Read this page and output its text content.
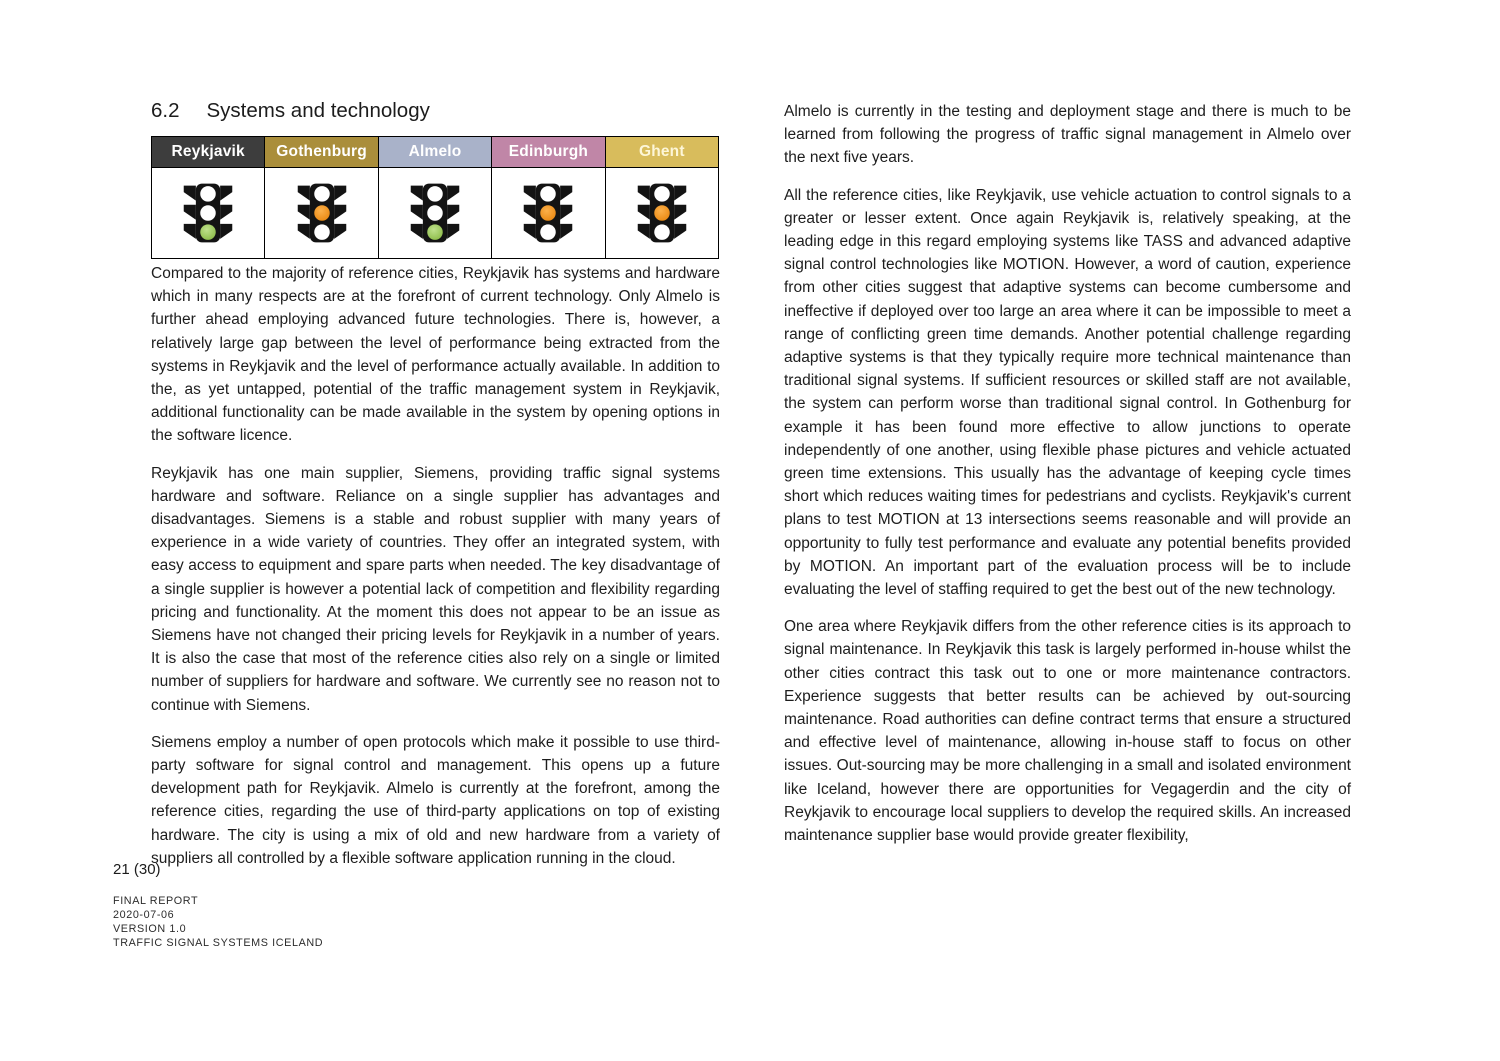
6.2 Systems and technology
Reykjavik	Gothenburg	Almelo	Edinburgh	Ghent

Compared to the majority of reference cities, Reykjavik has systems and hardware which in many respects are at the forefront of current technology. Only Almelo is further ahead employing advanced future technologies. There is, however, a relatively large gap between the level of performance being extracted from the systems in Reykjavik and the level of performance actually available. In addition to the, as yet untapped, potential of the traffic management system in Reykjavik, additional functionality can be made available in the system by opening options in the software licence.

Reykjavik has one main supplier, Siemens, providing traffic signal systems hardware and software. Reliance on a single supplier has advantages and disadvantages. Siemens is a stable and robust supplier with many years of experience in a wide variety of countries. They offer an integrated system, with easy access to equipment and spare parts when needed. The key disadvantage of a single supplier is however a potential lack of competition and flexibility regarding pricing and functionality. At the moment this does not appear to be an issue as Siemens have not changed their pricing levels for Reykjavik in a number of years. It is also the case that most of the reference cities also rely on a single or limited number of suppliers for hardware and software. We currently see no reason not to continue with Siemens.

Siemens employ a number of open protocols which make it possible to use third-party software for signal control and management. This opens up a future development path for Reykjavik. Almelo is currently at the forefront, among the reference cities, regarding the use of third-party applications on top of existing hardware. The city is using a mix of old and new hardware from a variety of suppliers all controlled by a flexible software application running in the cloud.

Almelo is currently in the testing and deployment stage and there is much to be learned from following the progress of traffic signal management in Almelo over the next five years.

All the reference cities, like Reykjavik, use vehicle actuation to control signals to a greater or lesser extent. Once again Reykjavik is, relatively speaking, at the leading edge in this regard employing systems like TASS and advanced adaptive signal control technologies like MOTION. However, a word of caution, experience from other cities suggest that adaptive systems can become cumbersome and ineffective if deployed over too large an area where it can be impossible to meet a range of conflicting green time demands. Another potential challenge regarding adaptive systems is that they typically require more technical maintenance than traditional signal systems. If sufficient resources or skilled staff are not available, the system can perform worse than traditional signal control. In Gothenburg for example it has been found more effective to allow junctions to operate independently of one another, using flexible phase pictures and vehicle actuated green time extensions. This usually has the advantage of keeping cycle times short which reduces waiting times for pedestrians and cyclists. Reykjavik's current plans to test MOTION at 13 intersections seems reasonable and will provide an opportunity to fully test performance and evaluate any potential benefits provided by MOTION. An important part of the evaluation process will be to include evaluating the level of staffing required to get the best out of the new technology.

One area where Reykjavik differs from the other reference cities is its approach to signal maintenance. In Reykjavik this task is largely performed in-house whilst the other cities contract this task out to one or more maintenance contractors. Experience suggests that better results can be achieved by out-sourcing maintenance. Road authorities can define contract terms that ensure a structured and effective level of maintenance, allowing in-house staff to focus on other issues. Out-sourcing may be more challenging in a small and isolated environment like Iceland, however there are opportunities for Vegagerdin and the city of Reykjavik to encourage local suppliers to develop the required skills. An increased maintenance supplier base would provide greater flexibility,

21 (30)
FINAL REPORT
2020-07-06
VERSION 1.0
TRAFFIC SIGNAL SYSTEMS ICELAND
